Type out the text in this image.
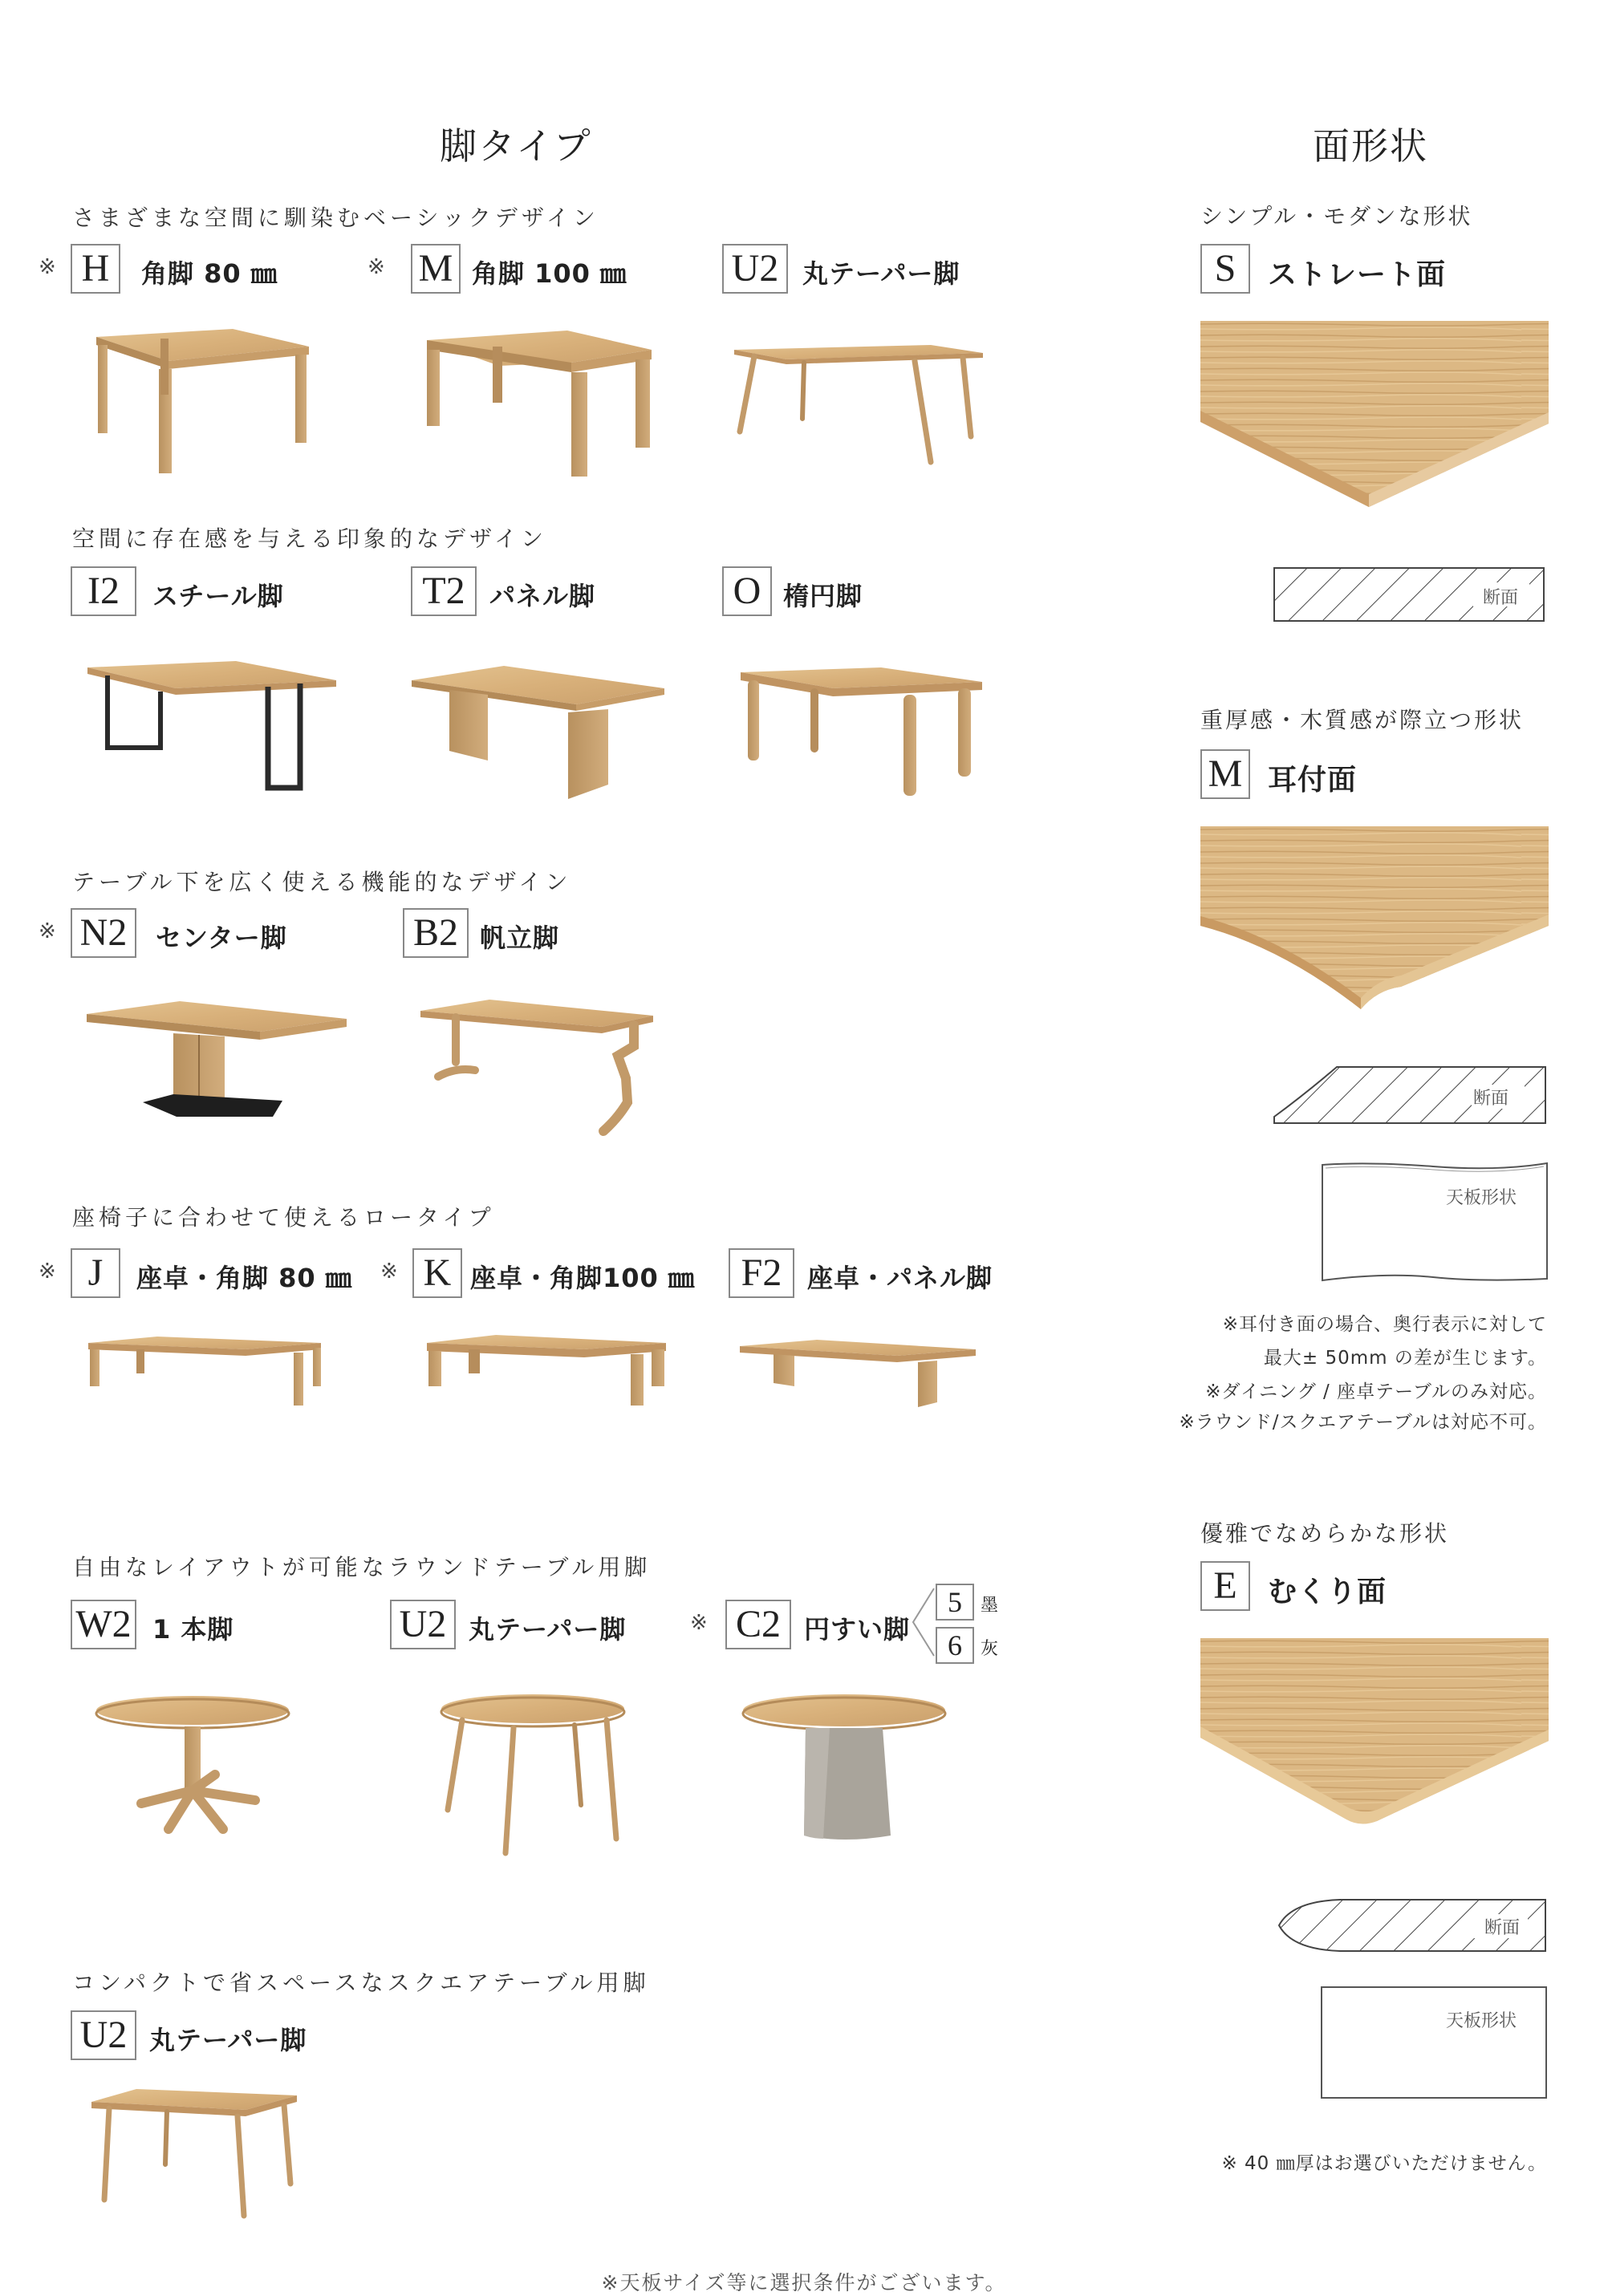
脚タイプ
さまざまな空間に馴染むベーシックデザイン
※ H	角脚 80 ㎜	※ M 角脚 100 ㎜	U2 丸テーパー脚
空間に存在感を与える印象的なデザイン
I2	スチール脚	T2 パネル脚	O 楕円脚
テーブル下を広く使える機能的なデザイン
※ N2	センター脚	B2 帆立脚
座椅子に合わせて使えるロータイプ
※ J	座卓・角脚 80 ㎜ ※ K 座卓・角脚100 ㎜	F2 座卓・パネル脚
自由なレイアウトが可能なラウンドテーブル用脚
W2 1 本脚	U2 丸テーパー脚	※ C2 円すい脚
5	墨
6	灰
コンパクトで省スペースなスクエアテーブル用脚
U2 丸テーパー脚
面形状
シンプル・モダンな形状
S	ストレート面
断面
重厚感・木質感が際立つ形状
M 耳付面
断面
天板形状
※耳付き面の場合、奥行表示に対して
最大± 50mm の差が生じます。
※ダイニング / 座卓テーブルのみ対応。
※ラウンド/スクエアテーブルは対応不可。
優雅でなめらかな形状
E	むくり面
断面
天板形状
※ 40 ㎜厚はお選びいただけません。
※天板サイズ等に選択条件がございます。
